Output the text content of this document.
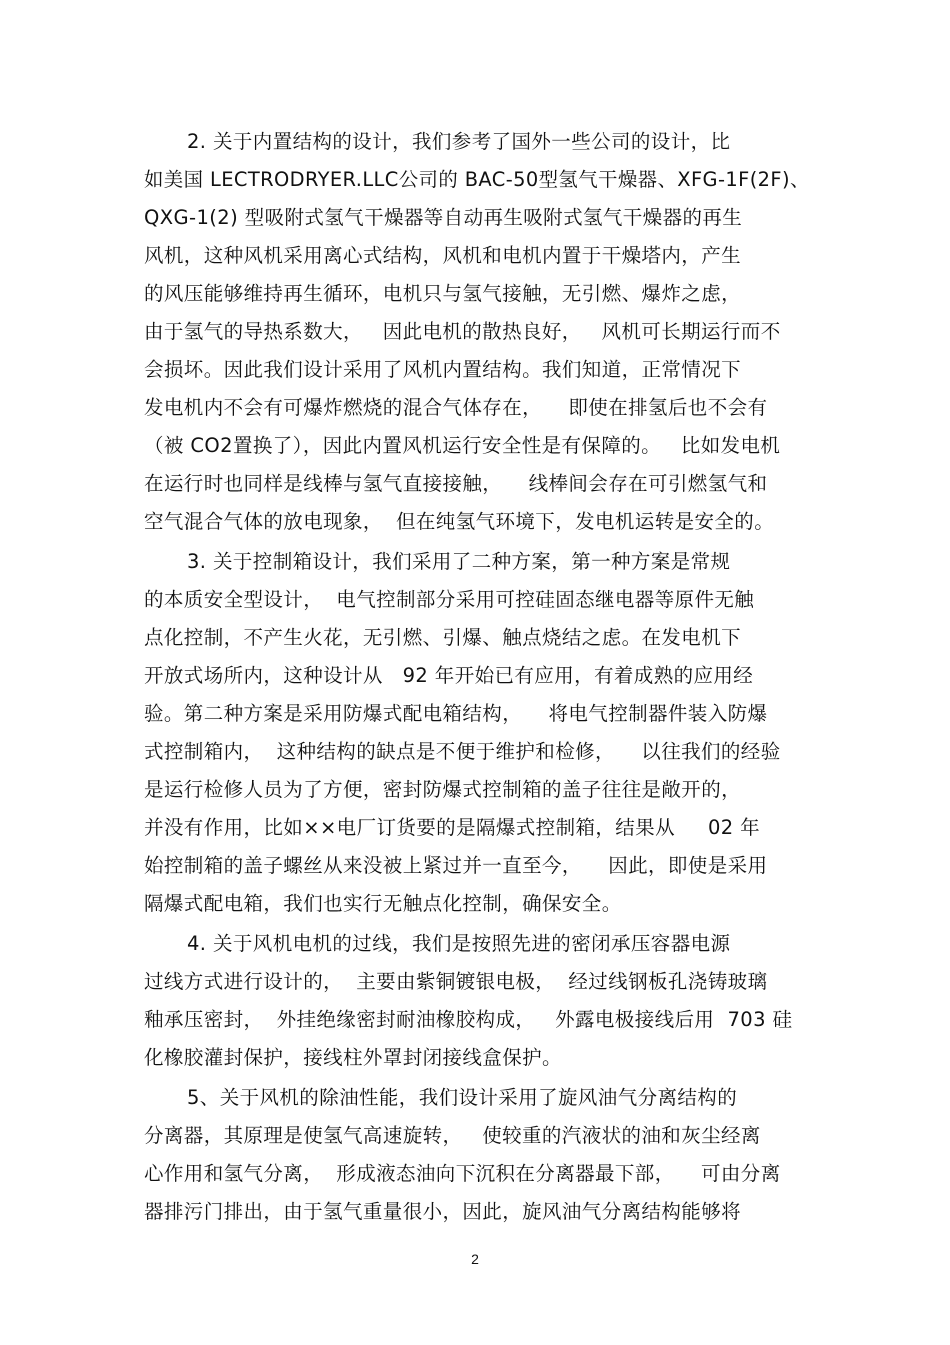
2. 关于内置结构的设计，我们参考了国外一些公司的设计，比
如美国 LECTRODRYER.LLC公司的 BAC-50型氢气干燥器、XFG-1F(2F)、
QXG-1(2) 型吸附式氢气干燥器等自动再生吸附式氢气干燥器的再生
风机，这种风机采用离心式结构，风机和电机内置于干燥塔内，产生
的风压能够维持再生循环，电机只与氢气接触，无引燃、爆炸之虑，
由于氢气的导热系数大，   因此电机的散热良好，   风机可长期运行而不
会损坏。因此我们设计采用了风机内置结构。我们知道，正常情况下
发电机内不会有可爆炸燃烧的混合气体存在，    即使在排氢后也不会有
（被 CO2置换了），因此内置风机运行安全性是有保障的。   比如发电机
在运行时也同样是线棒与氢气直接接触，    线棒间会存在可引燃氢气和
空气混合气体的放电现象，  但在纯氢气环境下，发电机运转是安全的。
3. 关于控制箱设计，我们采用了二种方案，第一种方案是常规
的本质安全型设计，  电气控制部分采用可控硅固态继电器等原件无触
点化控制，不产生火花，无引燃、引爆、触点烧结之虑。在发电机下
开放式场所内，这种设计从   92 年开始已有应用，有着成熟的应用经
验。第二种方案是采用防爆式配电箱结构，    将电气控制器件装入防爆
式控制箱内，  这种结构的缺点是不便于维护和检修，    以往我们的经验
是运行检修人员为了方便，密封防爆式控制箱的盖子往往是敞开的，
并没有作用，比如××电厂订货要的是隔爆式控制箱，结果从     02 年
始控制箱的盖子螺丝从来没被上紧过并一直至今，    因此，即使是采用
隔爆式配电箱，我们也实行无触点化控制，确保安全。
4. 关于风机电机的过线，我们是按照先进的密闭承压容器电源
过线方式进行设计的，  主要由紫铜镀银电极，  经过线钢板孔浇铸玻璃
釉承压密封，  外挂绝缘密封耐油橡胶构成，   外露电极接线后用  703 硅
化橡胶灌封保护，接线柱外罩封闭接线盒保护。
5、关于风机的除油性能，我们设计采用了旋风油气分离结构的
分离器，其原理是使氢气高速旋转，   使较重的汽液状的油和灰尘经离
心作用和氢气分离，  形成液态油向下沉积在分离器最下部，    可由分离
器排污门排出，由于氢气重量很小，因此，旋风油气分离结构能够将
2
